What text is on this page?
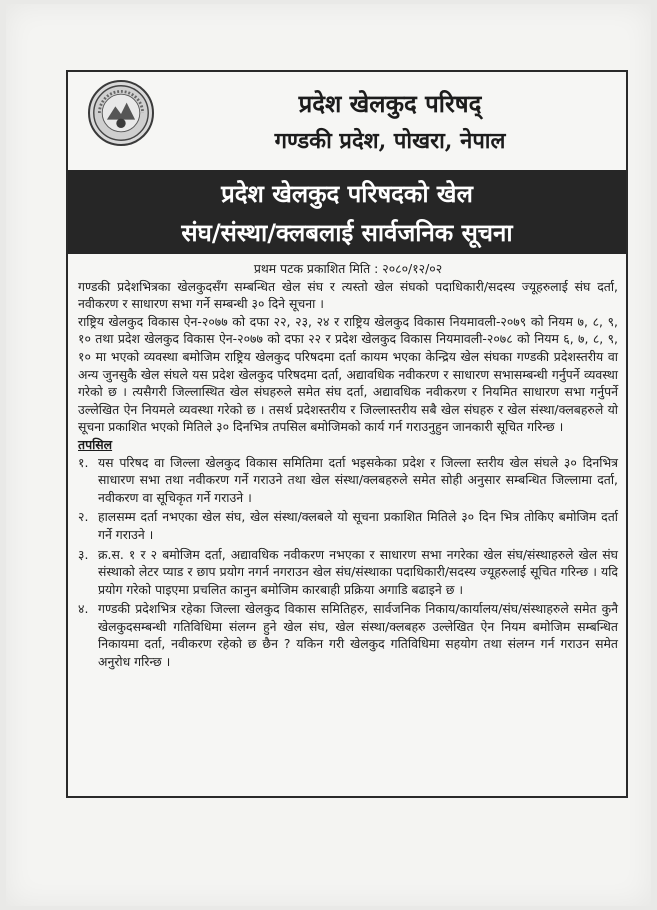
प्रदेश खेलकुद परिषद्
गण्डकी प्रदेश, पोखरा, नेपाल
प्रदेश खेलकुद परिषदको खेल
संघ/संस्था/क्लबलाई सार्वजनिक सूचना

प्रथम पटक प्रकाशित मिति : २०८०/१२/०२

गण्डकी प्रदेशभित्रका खेलकुदसँग सम्बन्धित खेल संघ र त्यस्तो खेल संघको पदाधिकारी/सदस्य ज्यूहरुलाई संघ दर्ता, नवीकरण र साधारण सभा गर्ने सम्बन्धी ३० दिने सूचना ।

राष्ट्रिय खेलकुद विकास ऐन-२०७७ को दफा २२, २३, २४ र राष्ट्रिय खेलकुद विकास नियमावली-२०७९ को नियम ७, ८, ९, १० तथा प्रदेश खेलकुद विकास ऐन-२०७७ को दफा २२ र प्रदेश खेलकुद विकास नियमावली-२०७८ को नियम ६, ७, ८, ९, १० मा भएको व्यवस्था बमोजिम राष्ट्रिय खेलकुद परिषदमा दर्ता कायम भएका केन्द्रिय खेल संघका गण्डकी प्रदेशस्तरीय वा अन्य जुनसुकै खेल संघले यस प्रदेश खेलकुद परिषदमा दर्ता, अद्यावधिक नवीकरण र साधारण सभासम्बन्धी गर्नुपर्ने व्यवस्था गरेको छ । त्यसैगरी जिल्लास्थित खेल संघहरुले समेत संघ दर्ता, अद्यावधिक नवीकरण र नियमित साधारण सभा गर्नुपर्ने उल्लेखित ऐन नियमले व्यवस्था गरेको छ । तसर्थ प्रदेशस्तरीय र जिल्लास्तरीय सबै खेल संघहरु र खेल संस्था/क्लबहरुले यो सूचना प्रकाशित भएको मितिले ३० दिनभित्र तपसिल बमोजिमको कार्य गर्न गराउनुहुन जानकारी सूचित गरिन्छ ।

तपसिल

१. यस परिषद वा जिल्ला खेलकुद विकास समितिमा दर्ता भइसकेका प्रदेश र जिल्ला स्तरीय खेल संघले ३० दिनभित्र साधारण सभा तथा नवीकरण गर्ने गराउने तथा खेल संस्था/क्लबहरुले समेत सोही अनुसार सम्बन्धित जिल्लामा दर्ता, नवीकरण वा सूचिकृत गर्ने गराउने ।
२. हालसम्म दर्ता नभएका खेल संघ, खेल संस्था/क्लबले यो सूचना प्रकाशित मितिले ३० दिन भित्र तोकिए बमोजिम दर्ता गर्ने गराउने ।
३. क्र.स. १ र २ बमोजिम दर्ता, अद्यावधिक नवीकरण नभएका र साधारण सभा नगरेका खेल संघ/संस्थाहरुले खेल संघ संस्थाको लेटर प्याड र छाप प्रयोग नगर्न नगराउन खेल संघ/संस्थाका पदाधिकारी/सदस्य ज्यूहरुलाई सूचित गरिन्छ । यदि प्रयोग गरेको पाइएमा प्रचलित कानुन बमोजिम कारबाही प्रक्रिया अगाडि बढाइने छ ।
४. गण्डकी प्रदेशभित्र रहेका जिल्ला खेलकुद विकास समितिहरु, सार्वजनिक निकाय/कार्यालय/संघ/संस्थाहरुले समेत कुनै खेलकुदसम्बन्धी गतिविधिमा संलग्न हुने खेल संघ, खेल संस्था/क्लबहरु उल्लेखित ऐन नियम बमोजिम सम्बन्धित निकायमा दर्ता, नवीकरण रहेको छ छैन ? यकिन गरी खेलकुद गतिविधिमा सहयोग तथा संलग्न गर्न गराउन समेत अनुरोध गरिन्छ ।
